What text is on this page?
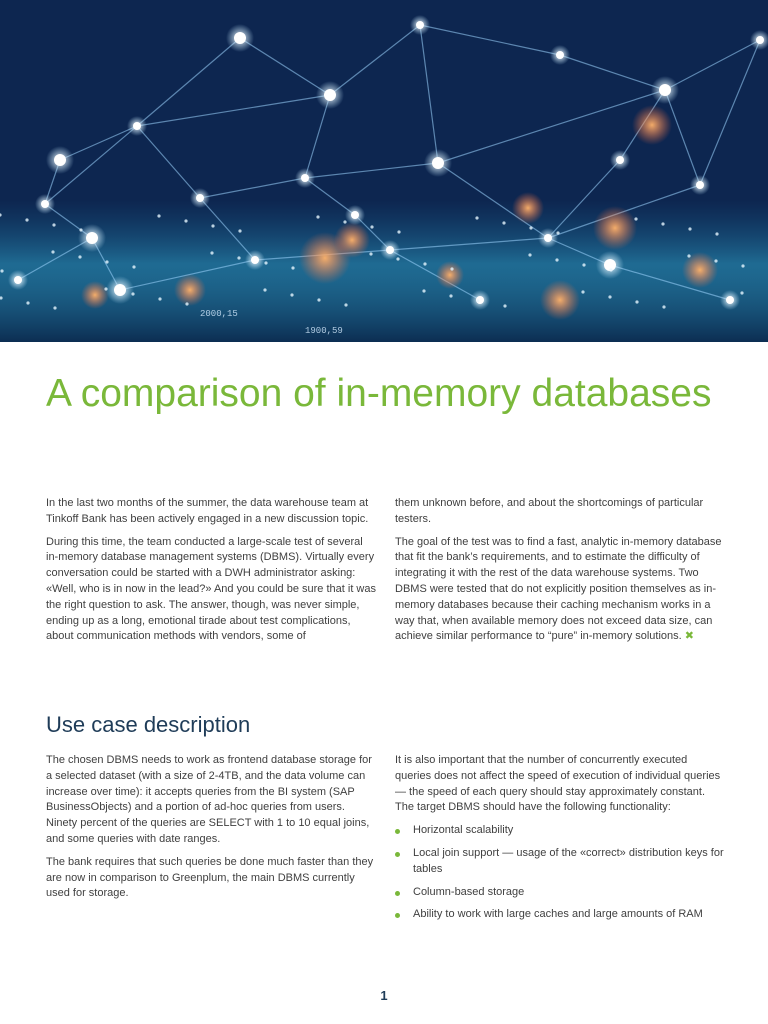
2000,15
1900,59
A comparison of in-memory databases

In the last two months of the summer, the data warehouse team at Tinkoff Bank has been actively engaged in a new discussion topic.

During this time, the team conducted a large-scale test of several in-memory database management systems (DBMS). Virtually every conversation could be started with a DWH administrator asking: «Well, who is in now in the lead?» And you could be sure that it was the right question to ask. The answer, though, was never simple, ending up as a long, emotional tirade about test complications, about communication methods with vendors, some of

them unknown before, and about the shortcomings of particular testers.

The goal of the test was to find a fast, analytic in-memory database that fit the bank’s requirements, and to estimate the difficulty of integrating it with the rest of the data warehouse systems. Two DBMS were tested that do not explicitly position themselves as in-memory databases because their caching mechanism works in a way that, when available memory does not exceed data size, can achieve similar performance to “pure” in-memory solutions. ✖

Use case description

The chosen DBMS needs to work as frontend database storage for a selected dataset (with a size of 2-4TB, and the data volume can increase over time): it accepts queries from the BI system (SAP BusinessObjects) and a portion of ad-hoc queries from users. Ninety percent of the queries are SELECT with 1 to 10 equal joins, and some queries with date ranges.

The bank requires that such queries be done much faster than they are now in comparison to Greenplum, the main DBMS currently used for storage.

It is also important that the number of concurrently executed queries does not affect the speed of execution of individual queries — the speed of each query should stay approximately constant. The target DBMS should have the following functionality:

Horizontal scalability
Local join support — usage of the «correct» distribution keys for tables
Column-based storage
Ability to work with large caches and large amounts of RAM
1
